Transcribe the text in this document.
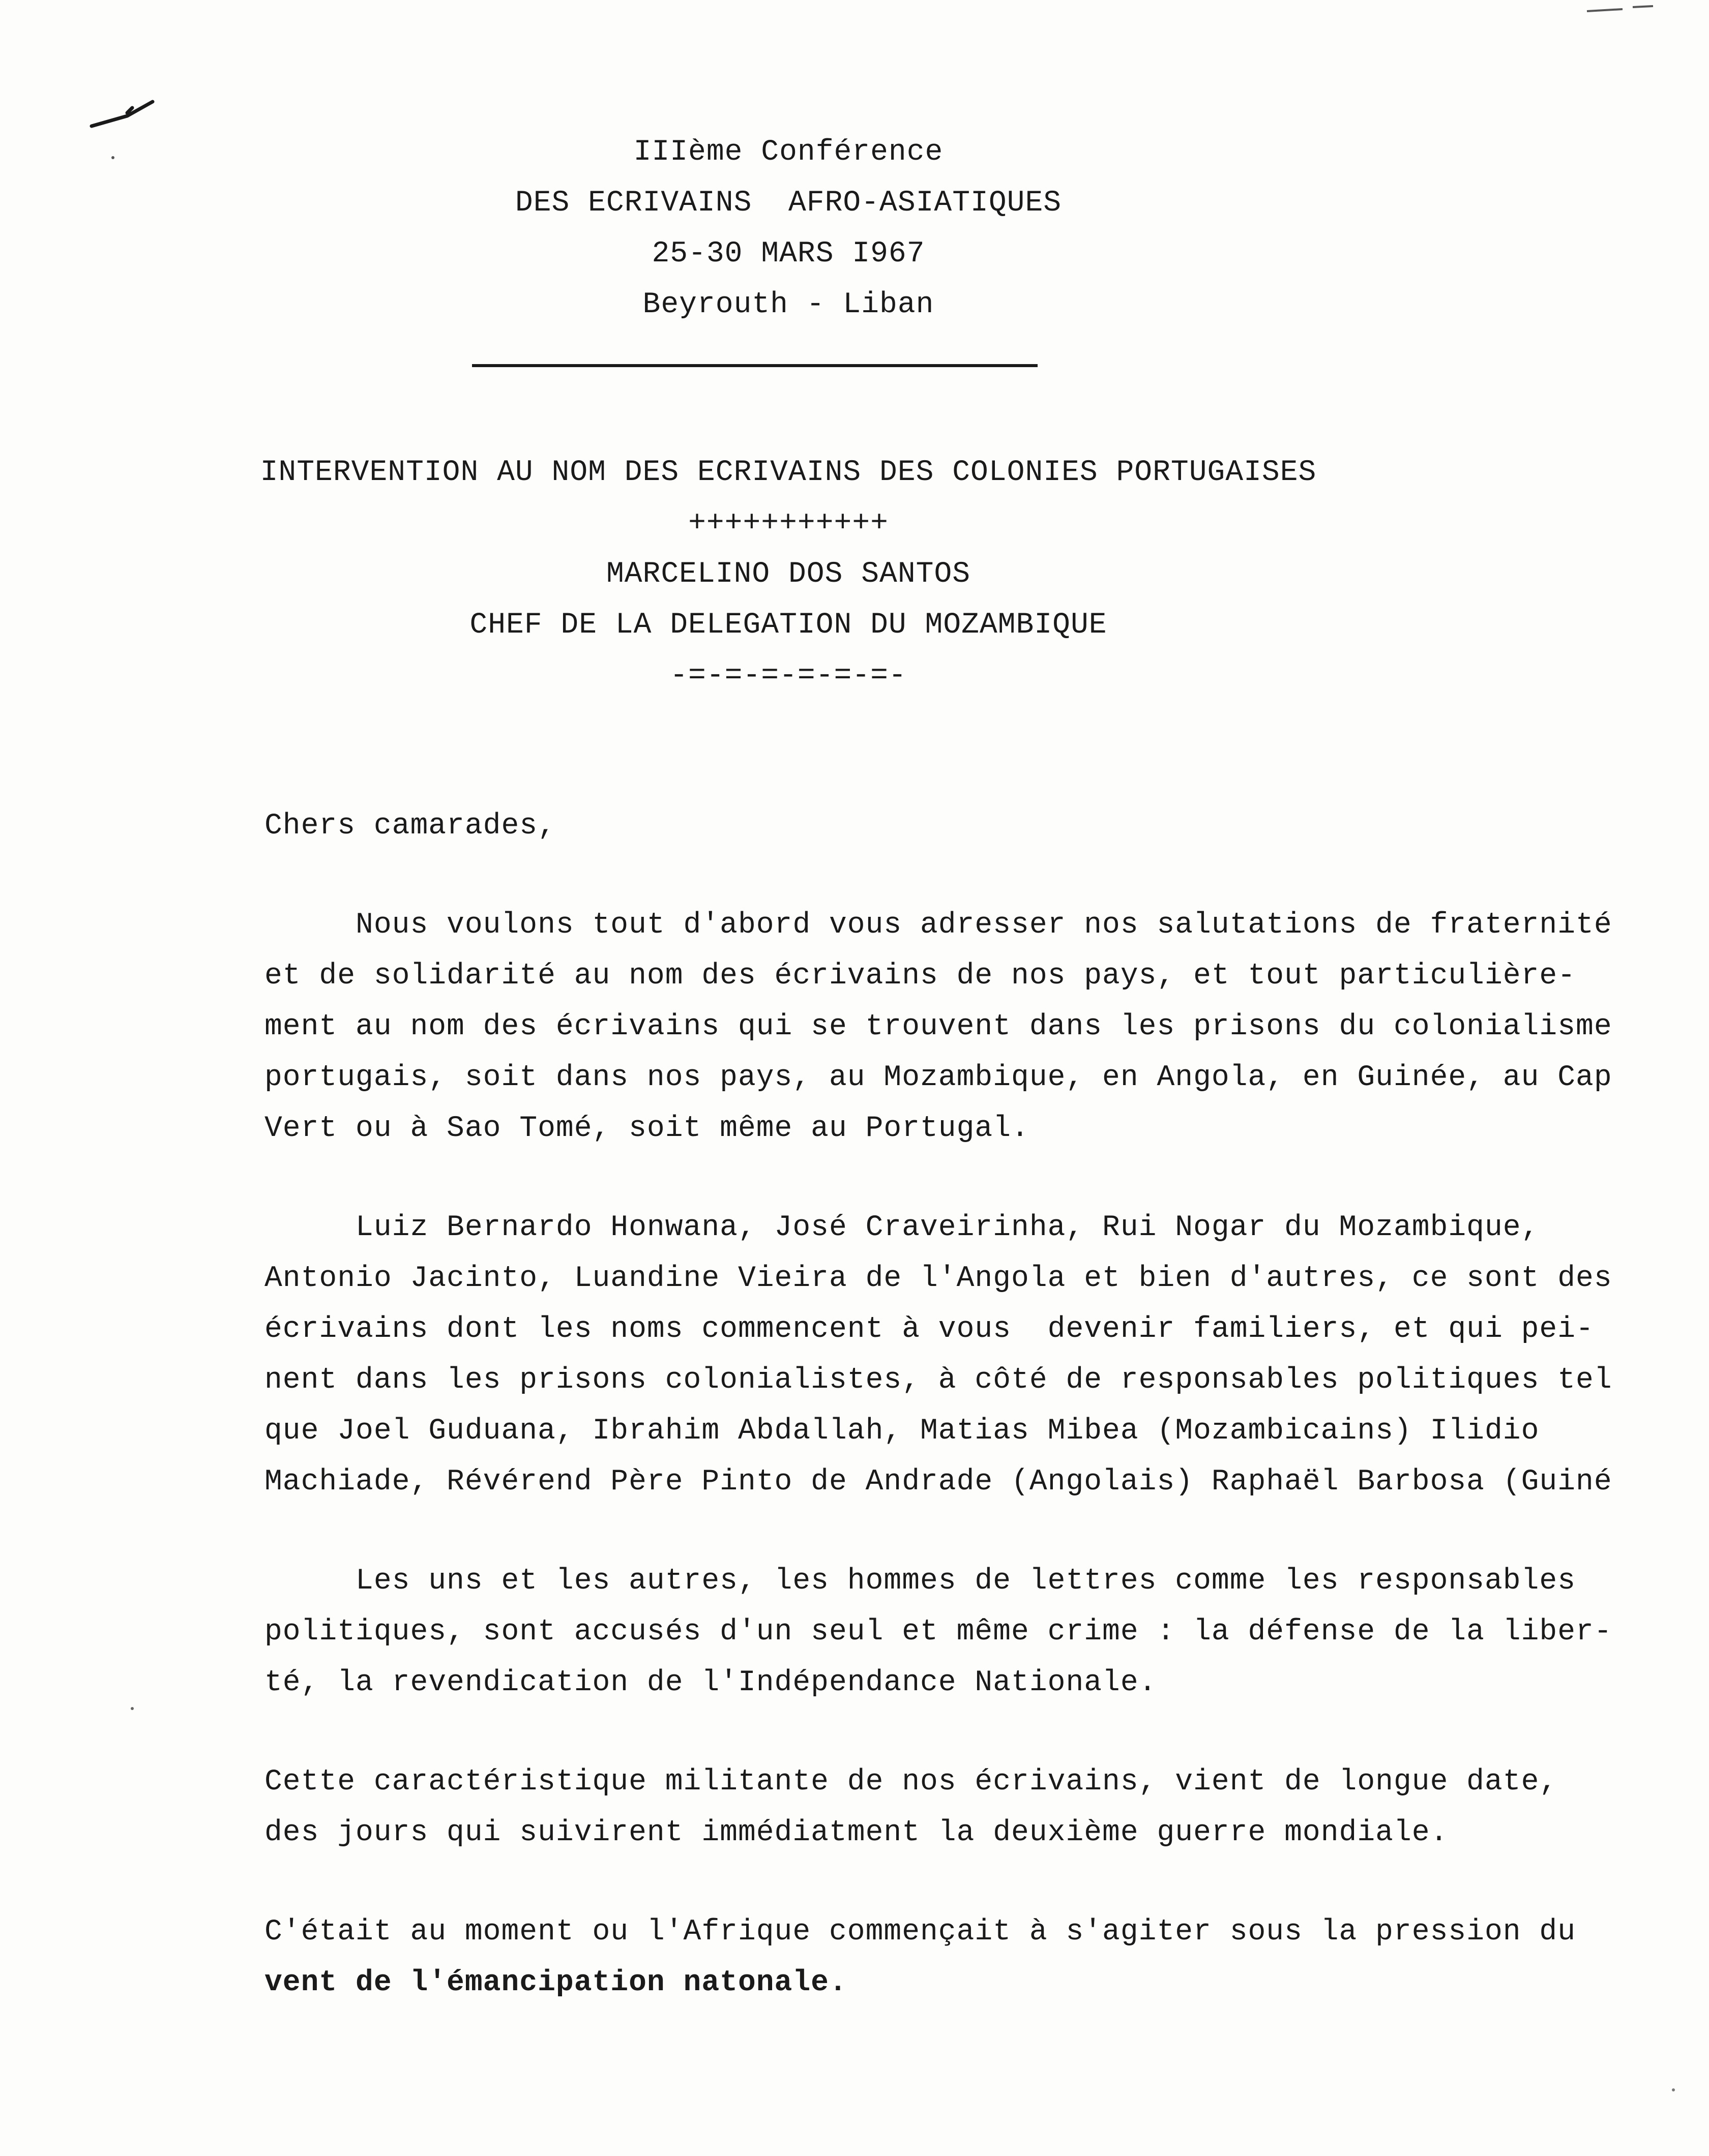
IIIème Conférence
DES ECRIVAINS  AFRO-ASIATIQUES
25-30 MARS I967
Beyrouth - Liban
INTERVENTION AU NOM DES ECRIVAINS DES COLONIES PORTUGAISES
+++++++++++
MARCELINO DOS SANTOS
CHEF DE LA DELEGATION DU MOZAMBIQUE
-=-=-=-=-=-=-

Chers camarades,

Nous voulons tout d'abord vous adresser nos salutations de fraternité

et de solidarité au nom des écrivains de nos pays, et tout particulière-

ment au nom des écrivains qui se trouvent dans les prisons du colonialisme

portugais, soit dans nos pays, au Mozambique, en Angola, en Guinée, au Cap

Vert ou à Sao Tomé, soit même au Portugal.

Luiz Bernardo Honwana, José Craveirinha, Rui Nogar du Mozambique,

Antonio Jacinto, Luandine Vieira de l'Angola et bien d'autres, ce sont des

écrivains dont les noms commencent à vous  devenir familiers, et qui pei-

nent dans les prisons colonialistes, à côté de responsables politiques tel

que Joel Guduana, Ibrahim Abdallah, Matias Mibea (Mozambicains) Ilidio

Machiade, Révérend Père Pinto de Andrade (Angolais) Raphaël Barbosa (Guiné

Les uns et les autres, les hommes de lettres comme les responsables

politiques, sont accusés d'un seul et même crime : la défense de la liber-

té, la revendication de l'Indépendance Nationale.

Cette caractéristique militante de nos écrivains, vient de longue date,

des jours qui suivirent immédiatment la deuxième guerre mondiale.

C'était au moment ou l'Afrique commençait à s'agiter sous la pression du

vent de l'émancipation natonale.
